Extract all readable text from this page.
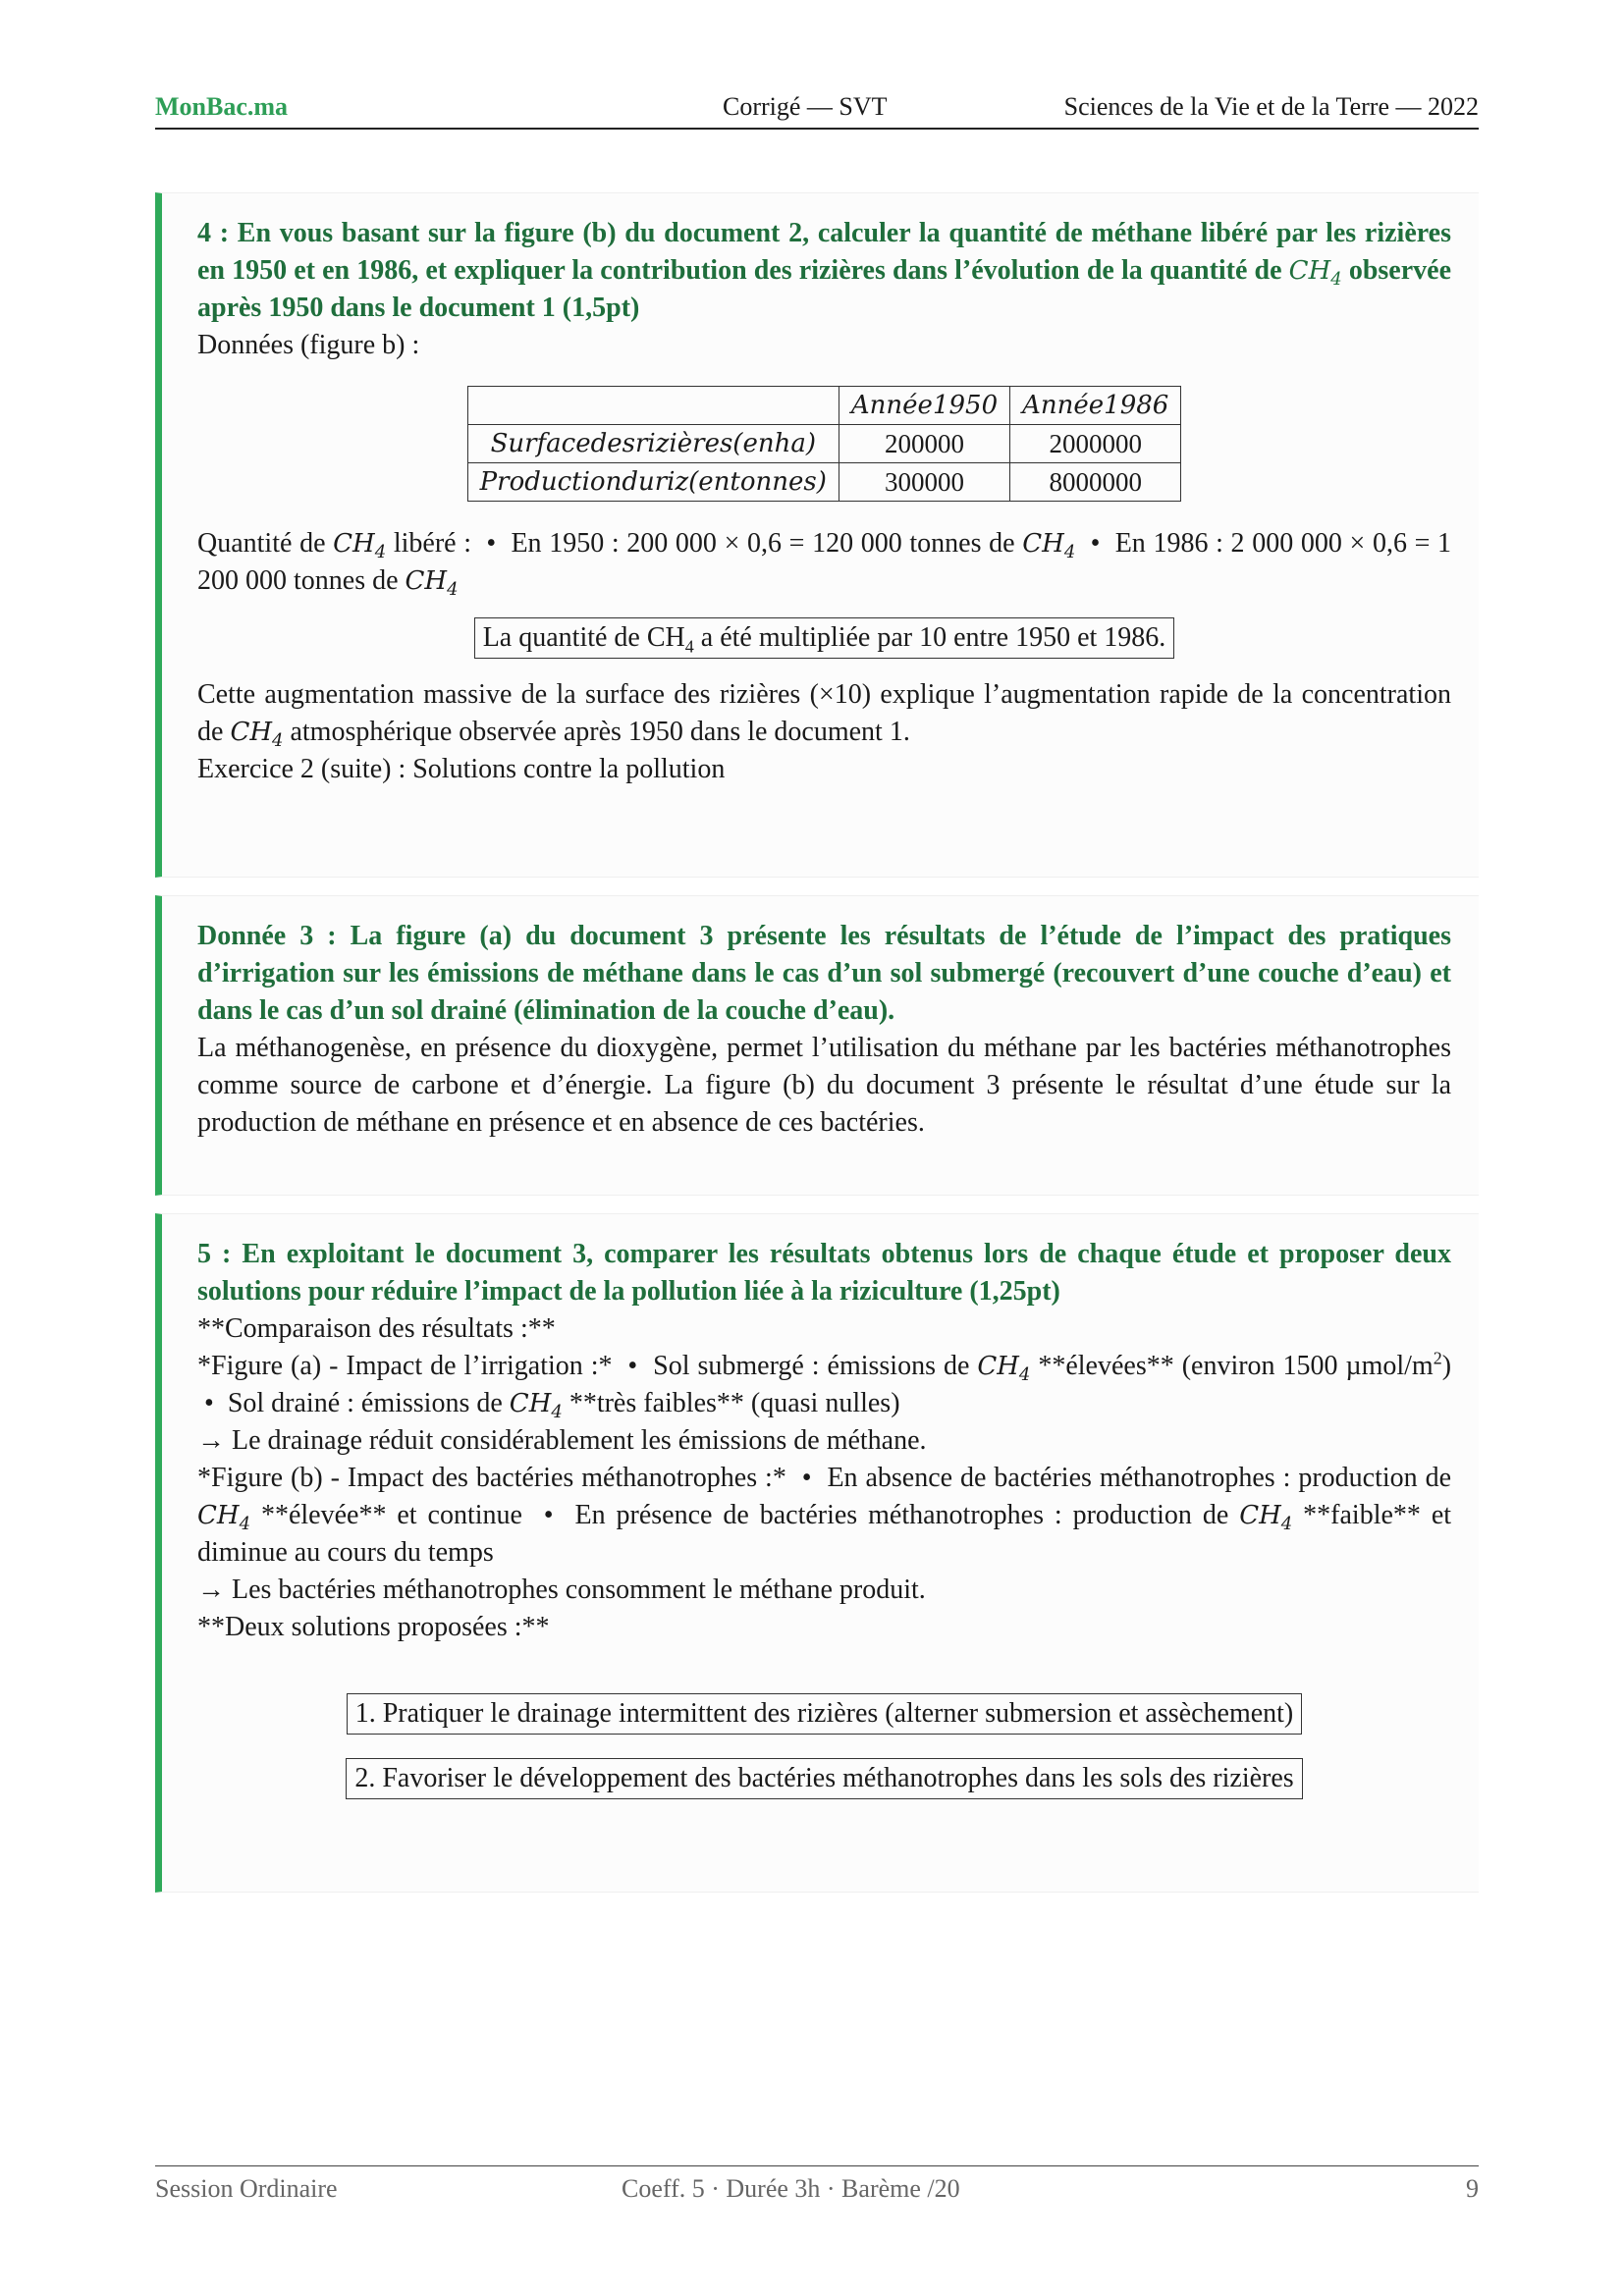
MonBac.ma	Corrigé — SVT	Sciences de la Vie et de la Terre — 2022
4 : En vous basant sur la figure (b) du document 2, calculer la quantité de méthane libéré par les rizières en 1950 et en 1986, et expliquer la contribution des rizières dans l’évolution de la quantité de $CH_4$ observée après 1950 dans le document 1 (1,5pt)
Données (figure b) :
	Année1950	Année1986
Surfacedesrizières(enha)	200000	2000000
Productionduriz(entonnes)	300000	8000000
Quantité de $CH_4$ libéré :  •  En 1950 : 200 000 × 0,6 = 120 000 tonnes de $CH_4$  •  En 1986 : 2 000 000 × 0,6 = 1 200 000 tonnes de $CH_4$
La quantité de $CH_4$ a été multipliée par 10 entre 1950 et 1986.
Cette augmentation massive de la surface des rizières (×10) explique l’augmentation rapide de la concentration de $CH_4$ atmosphérique observée après 1950 dans le document 1.
Exercice 2 (suite) : Solutions contre la pollution
Donnée 3 : La figure (a) du document 3 présente les résultats de l’étude de l’impact des pratiques d’irrigation sur les émissions de méthane dans le cas d’un sol submergé (recouvert d’une couche d’eau) et dans le cas d’un sol drainé (élimination de la couche d’eau).
La méthanogenèse, en présence du dioxygène, permet l’utilisation du méthane par les bactéries méthanotrophes comme source de carbone et d’énergie. La figure (b) du document 3 présente le résultat d’une étude sur la production de méthane en présence et en absence de ces bactéries.
5 : En exploitant le document 3, comparer les résultats obtenus lors de chaque étude et proposer deux solutions pour réduire l’impact de la pollution liée à la riziculture (1,25pt)
**Comparaison des résultats :**
*Figure (a) - Impact de l’irrigation :*  •  Sol submergé : émissions de $CH_4$ **élevées** (environ 1500 µmol/$m^2$)  •  Sol drainé : émissions de $CH_4$ **très faibles** (quasi nulles)
→ Le drainage réduit considérablement les émissions de méthane.
*Figure (b) - Impact des bactéries méthanotrophes :*  •  En absence de bactéries méthanotrophes : production de $CH_4$ **élevée** et continue  •  En présence de bactéries méthanotrophes : production de $CH_4$ **faible** et diminue au cours du temps
→ Les bactéries méthanotrophes consomment le méthane produit.
**Deux solutions proposées :**
1. Pratiquer le drainage intermittent des rizières (alterner submersion et assèchement)
2. Favoriser le développement des bactéries méthanotrophes dans les sols des rizières
Session Ordinaire	Coeff. 5 · Durée 3h · Barème /20	9
